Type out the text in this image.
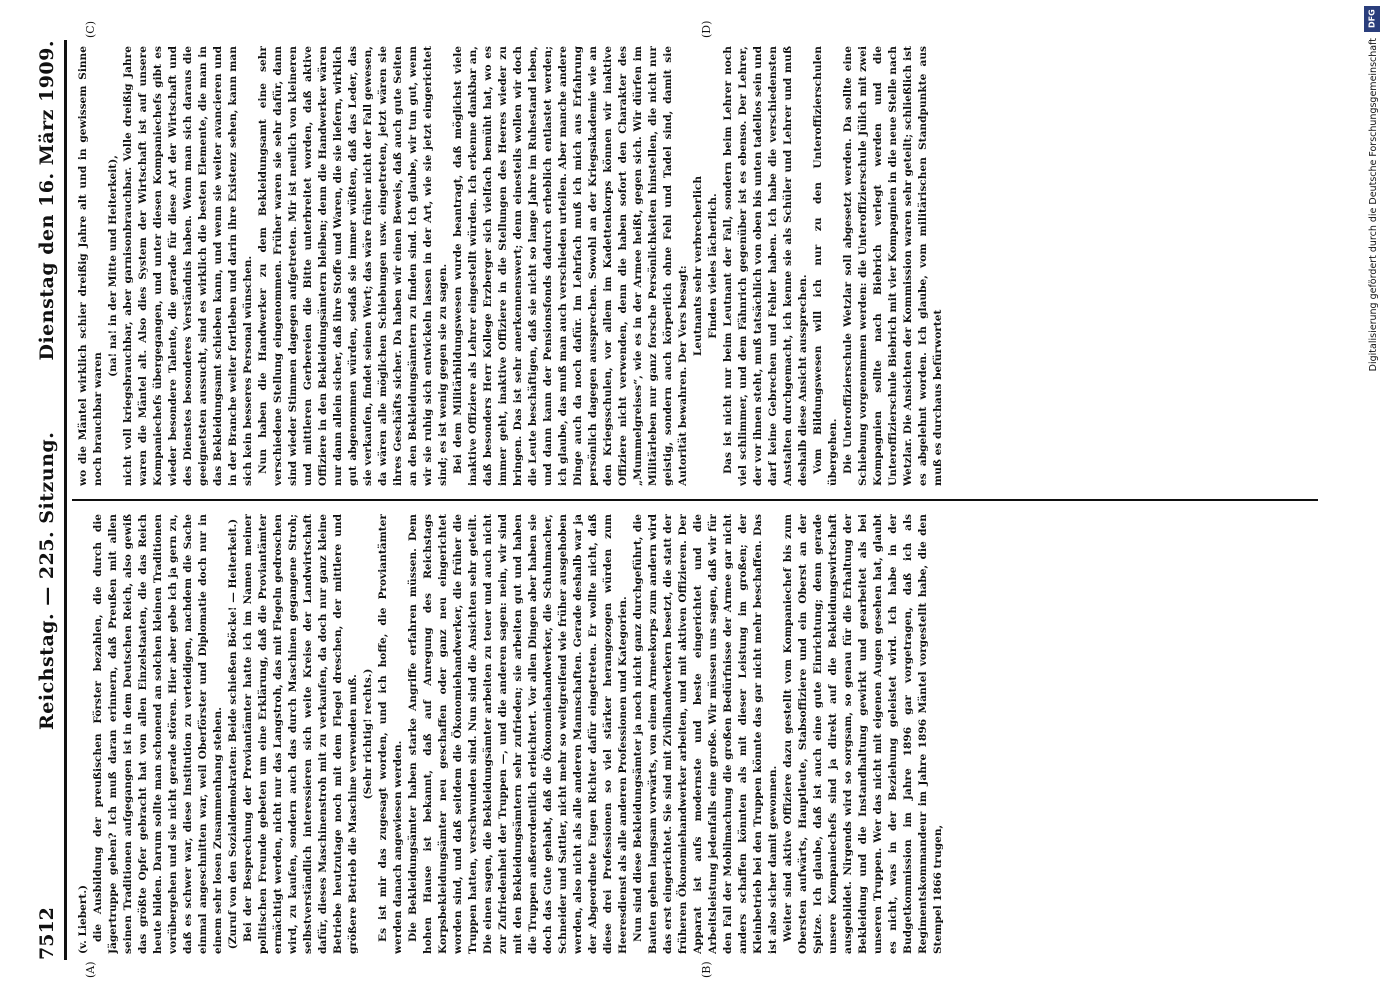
7512
Reichstag. — 225. Sitzung.
Dienstag den 16. März 1909.
(A)	(B)
(C)	(D)

(v. Liebert.) die Ausbildung der preußischen Förster bezahlen, die durch die Jägertruppe gehen? Ich muß daran erinnern, daß Preußen mit allen seinen Traditionen aufgegangen ist in dem Deutschen Reich, also gewiß das größte Opfer gebracht hat von allen Einzelstaaten, die das Reich heute bilden. Darum sollte man schonend an solchen kleinen Traditionen vorübergehen und sie nicht gerade stören. Hier aber gebe ich ja gern zu, daß es schwer war, diese Institution zu verteidigen, nachdem die Sache einmal angeschnitten war, weil Oberförster und Diplomatie doch nur in einem sehr losen Zusammenhang stehen. (Zuruf von den Sozialdemokraten: Beide schießen Böcke! — Heiterkeit.) Bei der Besprechung der Proviantämter hatte ich im Namen meiner politischen Freunde gebeten um eine Erklärung, daß die Proviantämter ermächtigt werden, nicht nur das Langstroh, das mit Flegeln gedroschen wird, zu kaufen, sondern auch das durch Maschinen gegangene Stroh; selbstverständlich interessieren sich weite Kreise der Landwirtschaft dafür, dieses Maschinenstroh mit zu verkaufen, da doch nur ganz kleine Betriebe heutzutage noch mit dem Flegel dreschen, der mittlere und größere Betrieb die Maschine verwenden muß. (Sehr richtig! rechts.) Es ist mir das zugesagt worden, und ich hoffe, die Proviantämter werden danach angewiesen werden. Die Bekleidungsämter haben starke Angriffe erfahren müssen. Dem hohen Hause ist bekannt, daß auf Anregung des Reichstags Korpsbekleidungsämter neu geschaffen oder ganz neu eingerichtet worden sind, und daß seitdem die Ökonomiehandwerker, die früher die Truppen hatten, verschwunden sind. Nun sind die Ansichten sehr geteilt. Die einen sagen, die Bekleidungsämter arbeiten zu teuer und auch nicht zur Zufriedenheit der Truppen —, und die anderen sagen: nein, wir sind mit den Bekleidungsämtern sehr zufrieden; sie arbeiten gut und haben die Truppen außerordentlich erleichtert. Vor allen Dingen aber haben sie doch das Gute gehabt, daß die Ökonomiehandwerker, die Schuhmacher, Schneider und Sattler, nicht mehr so weitgreifend wie früher ausgehoben werden, also nicht als alle anderen Mannschaften. Gerade deshalb war ja der Abgeordnete Eugen Richter dafür eingetreten. Er wollte nicht, daß diese drei Professionen so viel stärker herangezogen würden zum Heeresdienst als alle anderen Professionen und Kategorien. Nun sind diese Bekleidungsämter ja noch nicht ganz durchgeführt, die Bauten gehen langsam vorwärts, von einem Armeekorps zum andern wird das erst eingerichtet. Sie sind mit Zivilhandwerkern besetzt, die statt der früheren Ökonomiehandwerker arbeiten, und mit aktiven Offizieren. Der Apparat ist aufs modernste und beste eingerichtet und die Arbeitsleistung jedenfalls eine große. Wir müssen uns sagen, daß wir für den Fall der Mobilmachung die großen Bedürfnisse der Armee gar nicht anders schaffen könnten als mit dieser Leistung im großen; der Kleinbetrieb bei den Truppen könnte das gar nicht mehr beschaffen. Das ist also sicher damit gewonnen. Weiter sind aktive Offiziere dazu gestellt vom Kompaniechef bis zum Obersten aufwärts, Hauptleute, Stabsoffiziere und ein Oberst an der Spitze. Ich glaube, daß ist auch eine gute Einrichtung; denn gerade unsere Kompaniechefs sind ja direkt auf die Bekleidungswirtschaft ausgebildet. Nirgends wird so sorgsam, so genau für die Erhaltung der Bekleidung und die Instandhaltung gewirkt und gearbeitet als bei unseren Truppen. Wer das nicht mit eigenen Augen gesehen hat, glaubt es nicht, was in der Beziehung geleistet wird. Ich habe in der Budgetkommission im Jahre 1896 gar vorgetragen, daß ich als Regimentskommandeur im Jahre 1896 Mäntel vorgestellt habe, die den Stempel 1866 trugen,

wo die Mäntel wirklich schier dreißig Jahre alt und in gewissem Sinne noch brauchbar waren

(na! na! in der Mitte und Heiterkeit), nicht voll kriegsbrauchbar, aber garnisonbrauchbar. Volle dreißig Jahre waren die Mäntel alt. Also dies System der Wirtschaft ist auf unsere Kompaniechefs übergegangen, und unter diesen Kompaniechefs gibt es wieder besondere Talente, die gerade für diese Art der Wirtschaft und des Dienstes besonderes Verständnis haben. Wenn man sich daraus die geeignetsten aussucht, sind es wirklich die besten Elemente, die man in das Bekleidungsamt schieben kann, und wenn sie weiter avancieren und in der Branche weiter fortleben und darin ihre Existenz sehen, kann man sich kein besseres Personal wünschen. Nun haben die Handwerker zu dem Bekleidungsamt eine sehr verschiedene Stellung eingenommen. Früher waren sie sehr dafür, dann sind wieder Stimmen dagegen aufgetreten. Mir ist neulich von kleineren und mittleren Gerbereien die Bitte unterbreitet worden, daß aktive Offiziere in den Bekleidungsämtern bleiben; denn die Handwerker wären nur dann allein sicher, daß ihre Stoffe und Waren, die sie liefern, wirklich gut abgenommen würden, sodaß sie immer wüßten, daß das Leder, das sie verkaufen, findet seinen Wert; das wäre früher nicht der Fall gewesen, da wären alle möglichen Schiebungen usw. eingetreten, jetzt wären sie ihres Geschäfts sicher. Da haben wir einen Beweis, daß auch gute Seiten an den Bekleidungsämtern zu finden sind. Ich glaube, wir tun gut, wenn wir sie ruhig sich entwickeln lassen in der Art, wie sie jetzt eingerichtet sind; es ist wenig gegen sie zu sagen. Bei dem Militärbildungswesen wurde beantragt, daß möglichst viele inaktive Offiziere als Lehrer eingestellt würden. Ich erkenne dankbar an, daß besonders Herr Kollege Erzberger sich vielfach bemüht hat, wo es immer geht, inaktive Offiziere in die Stellungen des Heeres wieder zu bringen. Das ist sehr anerkennenswert; denn einesteils wollen wir doch die Leute beschäftigen, daß sie nicht so lange Jahre im Ruhestand leben, und dann kann der Pensionsfonds dadurch erheblich entlastet werden; ich glaube, das muß man auch verschieden urteilen. Aber manche andere Dinge auch da noch dafür. Im Lehrfach muß ich mich aus Erfahrung persönlich dagegen aussprechen. Sowohl an der Kriegsakademie wie an den Kriegsschulen, vor allem im Kadettenkorps können wir inaktive Offiziere nicht verwenden, denn die haben sofort den Charakter des „Mummelgreises“, wie es in der Armee heißt, gegen sich. Wir dürfen im Militärleben nur ganz forsche Persönlichkeiten hinstellen, die nicht nur geistig, sondern auch körperlich ohne Fehl und Tadel sind, damit sie Autorität bewahren. Der Vers besagt: Leutnants sehr verbrecherlich Finden vieles lächerlich. Das ist nicht nur beim Leutnant der Fall, sondern beim Lehrer noch viel schlimmer, und dem Fähnrich gegenüber ist es ebenso. Der Lehrer, der vor ihnen steht, muß tatsächlich von oben bis unten tadellos sein und darf keine Gebrechen und Fehler haben. Ich habe die verschiedensten Anstalten durchgemacht, ich kenne sie als Schüler und Lehrer und muß deshalb diese Ansicht aussprechen. Vom Bildungswesen will ich nur zu den Unteroffizierschulen übergehen. Die Unteroffizierschule Wetzlar soll abgesetzt werden. Da sollte eine Schiebung vorgenommen werden: die Unteroffizierschule Jülich mit zwei Kompagnien sollte nach Biebrich verlegt werden und die Unteroffizierschule Biebrich mit vier Kompagnien in die neue Stelle nach Wetzlar. Die Ansichten der Kommission waren sehr geteilt; schließlich ist es abgelehnt worden. Ich glaube, vom militärischen Standpunkte aus muß es durchaus befürwortet

DFG
Digitalisierung gefördert durch die Deutsche Forschungsgemeinschaft
